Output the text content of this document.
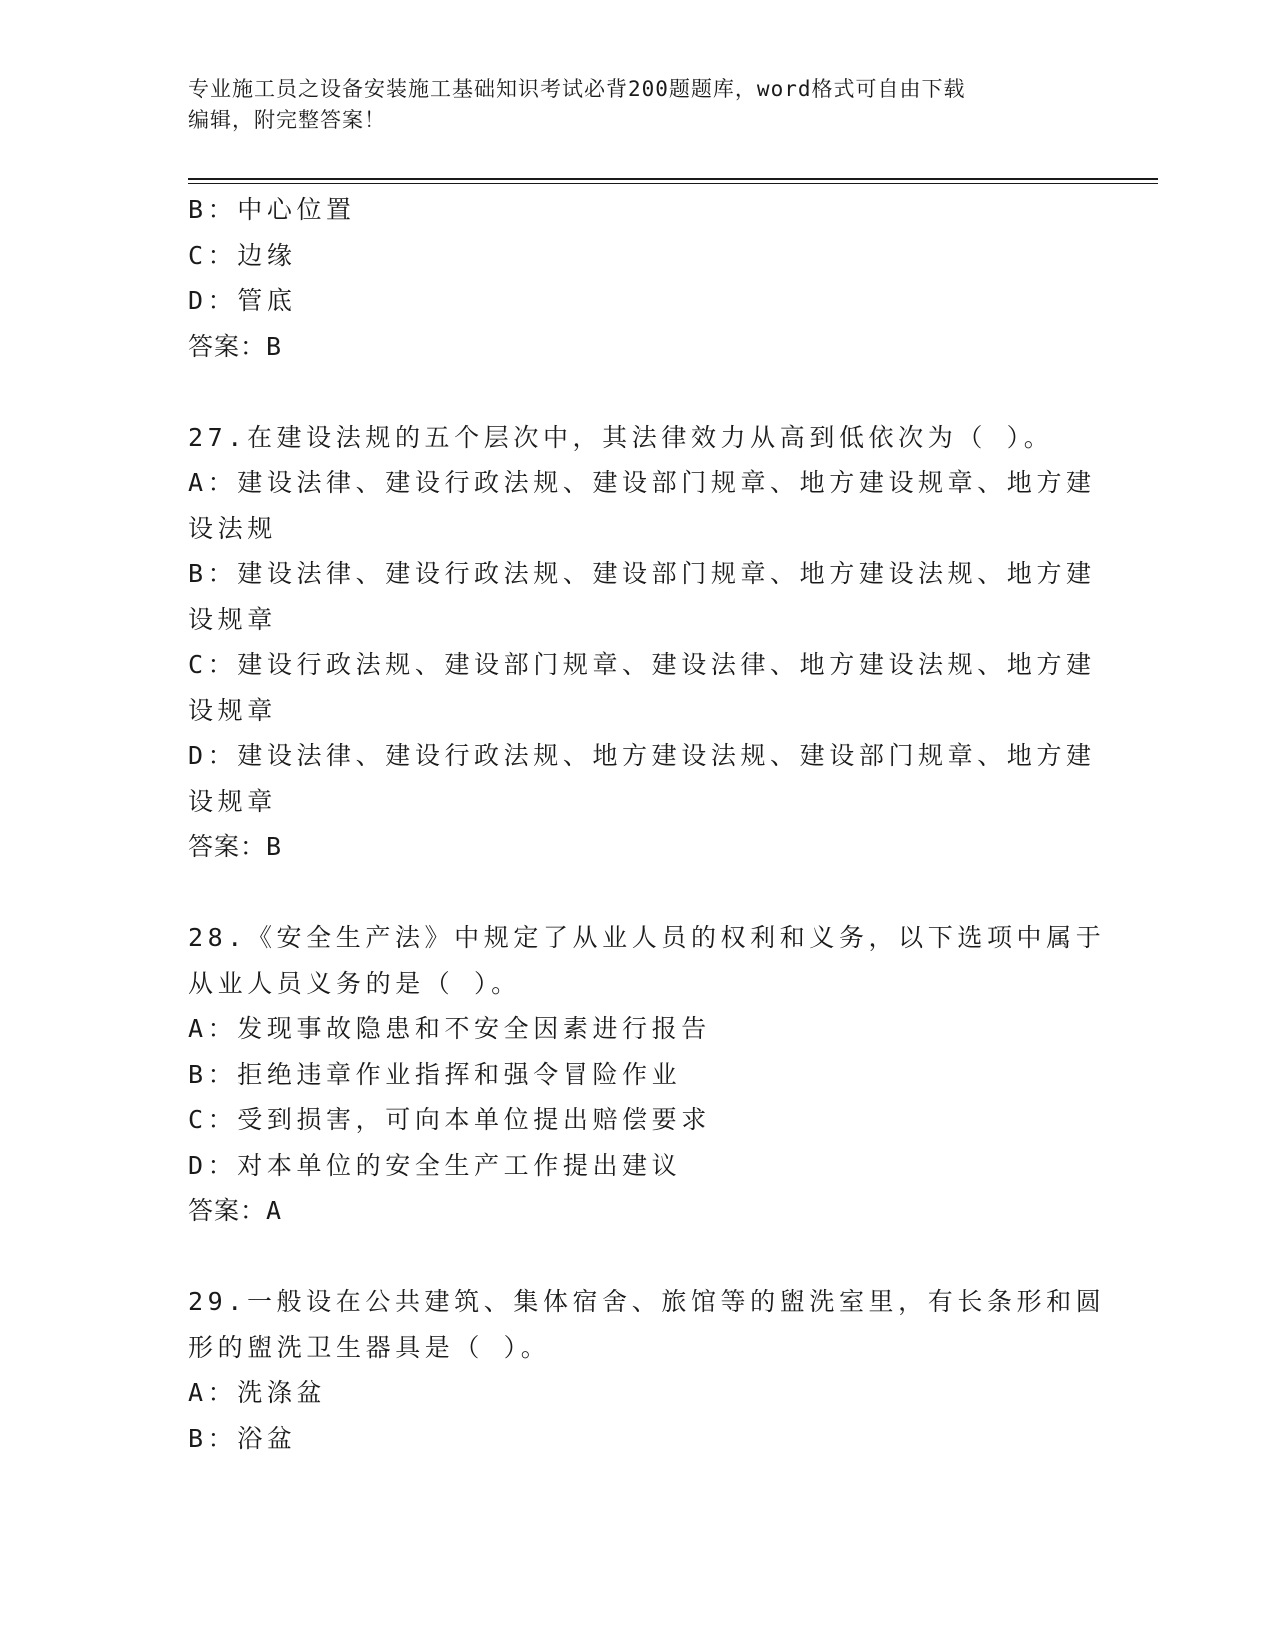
专业施工员之设备安装施工基础知识考试必背200题题库，word格式可自由下载
编辑，附完整答案！
B：中心位置
C：边缘
D：管底
答案：B
27.在建设法规的五个层次中，其法律效力从高到低依次为（ ）。
A：建设法律、建设行政法规、建设部门规章、地方建设规章、地方建
设法规
B：建设法律、建设行政法规、建设部门规章、地方建设法规、地方建
设规章
C：建设行政法规、建设部门规章、建设法律、地方建设法规、地方建
设规章
D：建设法律、建设行政法规、地方建设法规、建设部门规章、地方建
设规章
答案：B
28.《安全生产法》中规定了从业人员的权利和义务，以下选项中属于
从业人员义务的是（ ）。
A：发现事故隐患和不安全因素进行报告
B：拒绝违章作业指挥和强令冒险作业
C：受到损害，可向本单位提出赔偿要求
D：对本单位的安全生产工作提出建议
答案：A
29.一般设在公共建筑、集体宿舍、旅馆等的盥洗室里，有长条形和圆
形的盥洗卫生器具是（ ）。
A：洗涤盆
B：浴盆
